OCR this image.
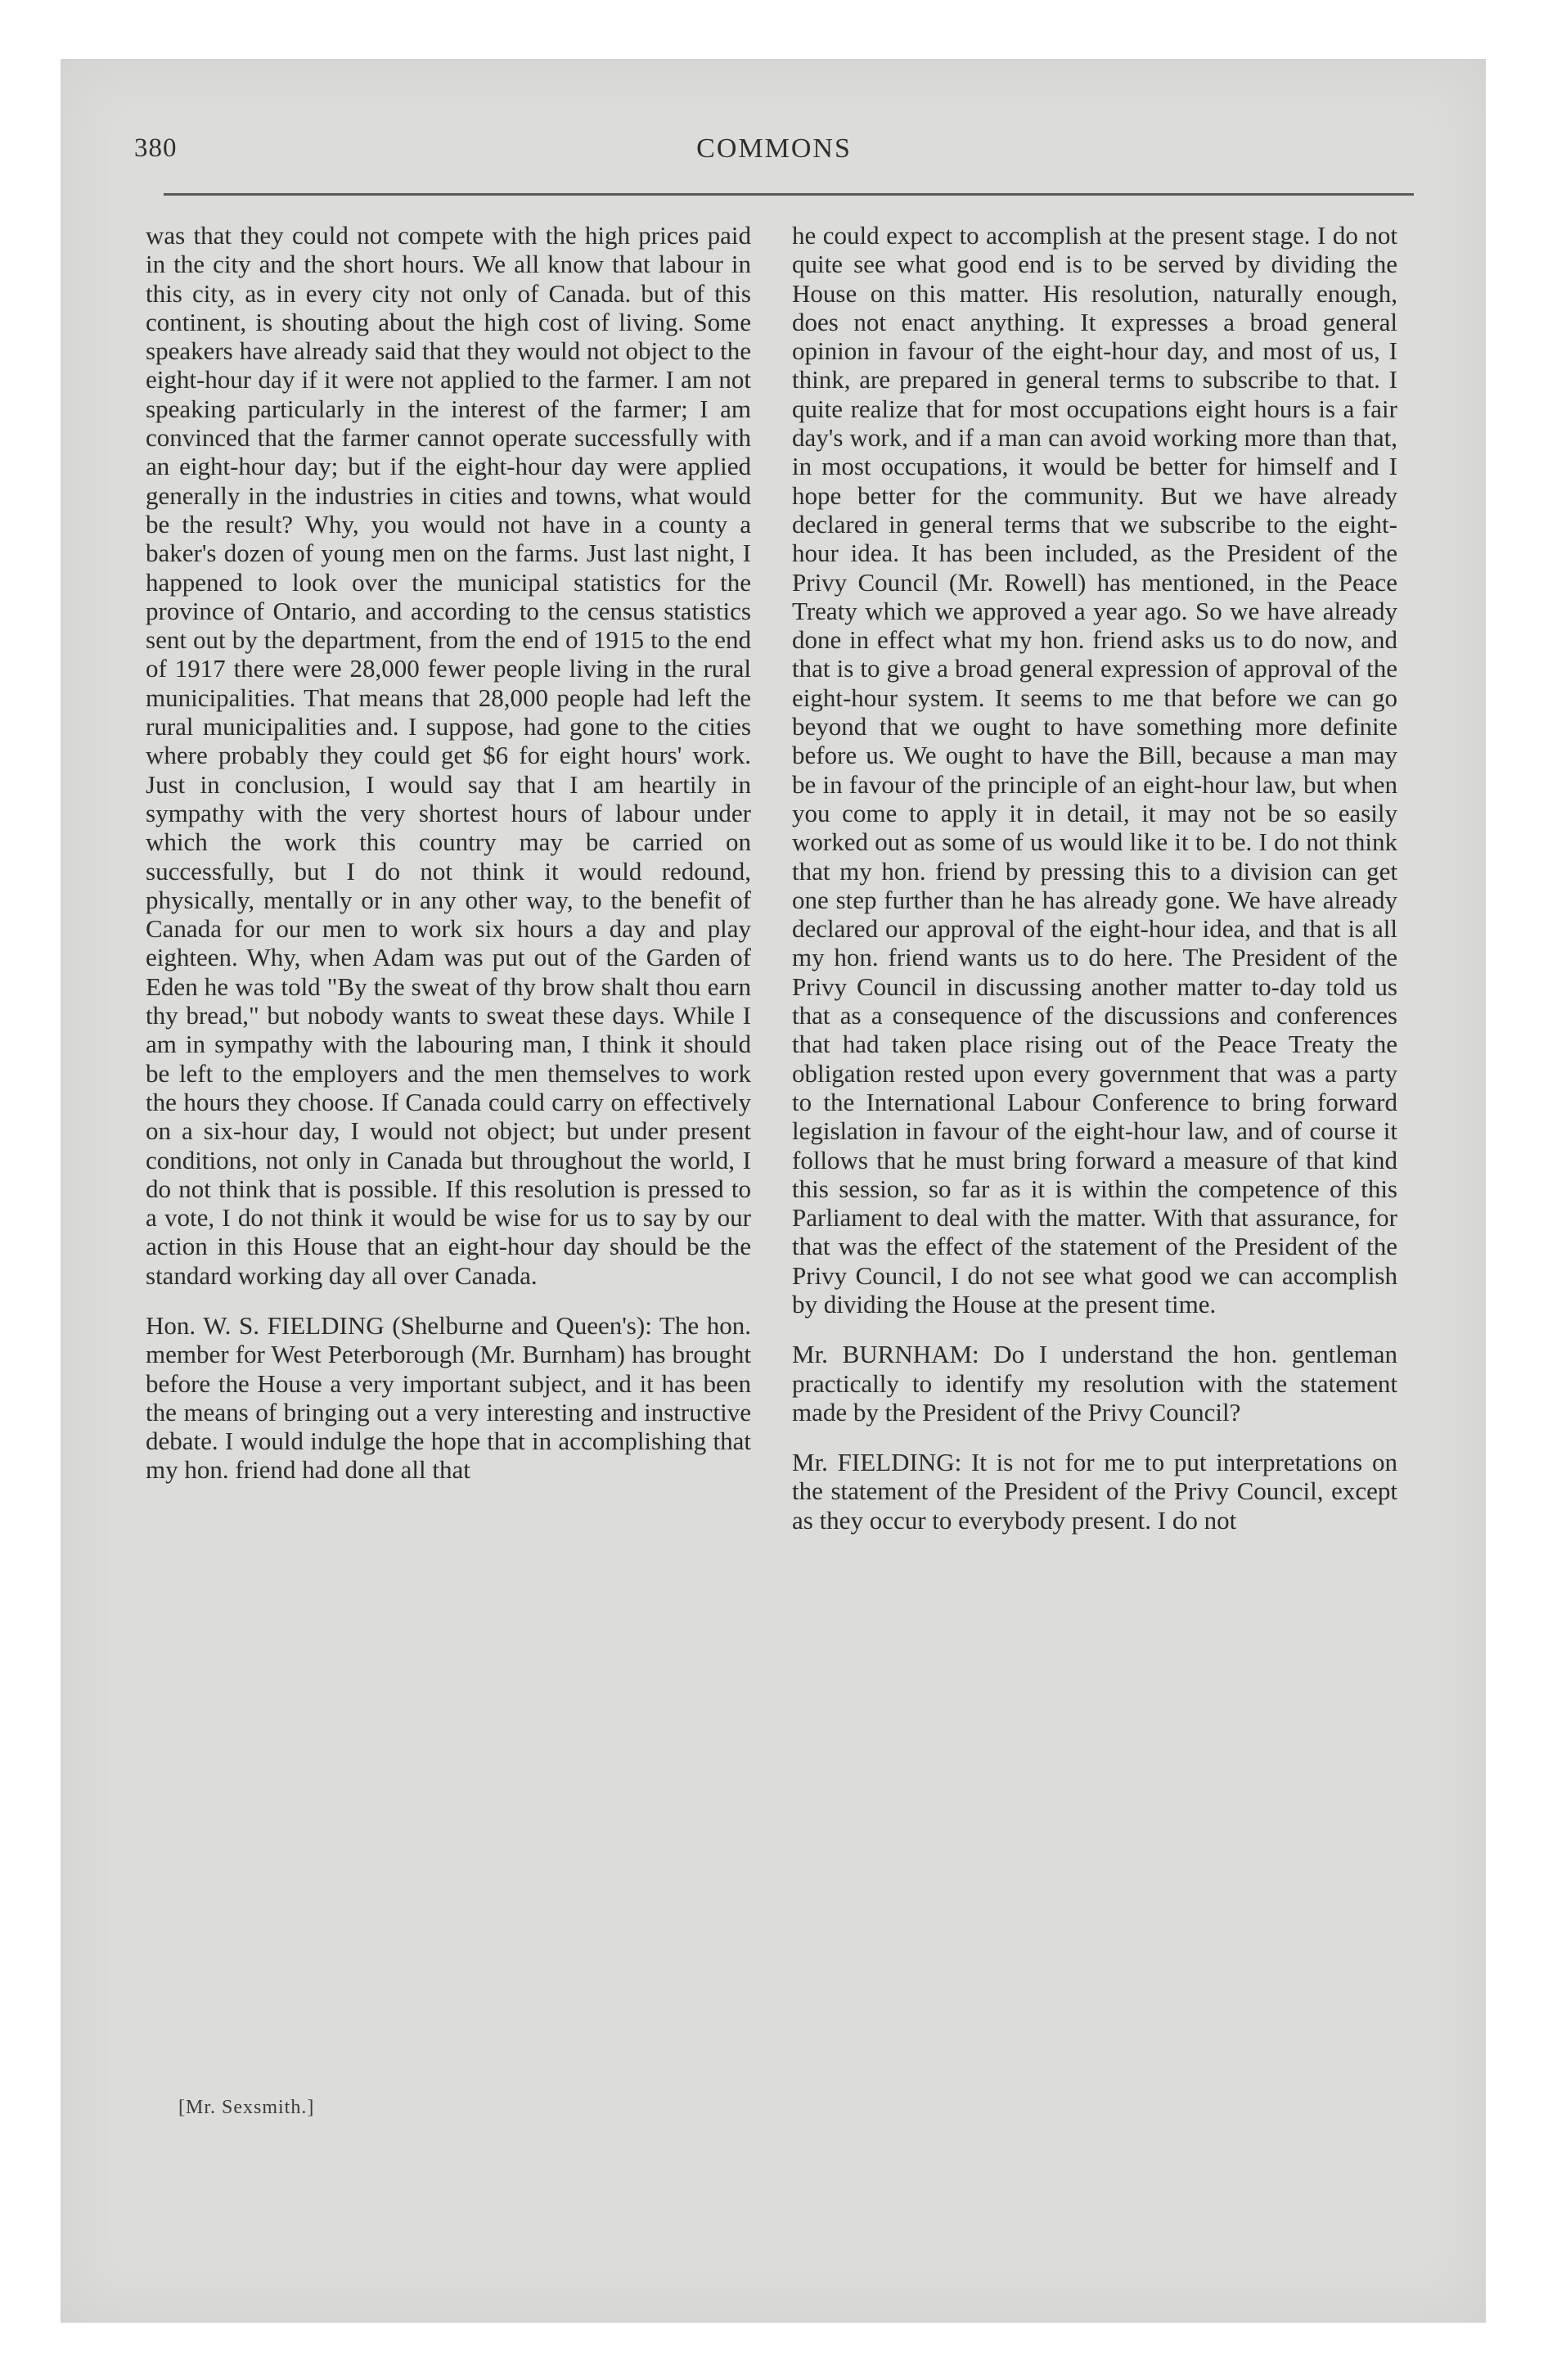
380	COMMONS

was that they could not compete with the high prices paid in the city and the short hours. We all know that labour in this city, as in every city not only of Canada. but of this continent, is shouting about the high cost of living. Some speakers have already said that they would not object to the eight-hour day if it were not applied to the farmer. I am not speaking particularly in the interest of the farmer; I am convinced that the farmer cannot operate successfully with an eight-hour day; but if the eight-hour day were applied generally in the industries in cities and towns, what would be the result? Why, you would not have in a county a baker's dozen of young men on the farms. Just last night, I happened to look over the municipal statistics for the province of Ontario, and according to the census statistics sent out by the department, from the end of 1915 to the end of 1917 there were 28,000 fewer people living in the rural municipalities. That means that 28,000 people had left the rural municipalities and. I suppose, had gone to the cities where probably they could get $6 for eight hours' work. Just in conclusion, I would say that I am heartily in sympathy with the very shortest hours of labour under which the work this country may be carried on successfully, but I do not think it would redound, physically, mentally or in any other way, to the benefit of Canada for our men to work six hours a day and play eighteen. Why, when Adam was put out of the Garden of Eden he was told "By the sweat of thy brow shalt thou earn thy bread," but nobody wants to sweat these days. While I am in sympathy with the labouring man, I think it should be left to the employers and the men themselves to work the hours they choose. If Canada could carry on effectively on a six-hour day, I would not object; but under present conditions, not only in Canada but throughout the world, I do not think that is possible. If this resolution is pressed to a vote, I do not think it would be wise for us to say by our action in this House that an eight-hour day should be the standard working day all over Canada.

Hon. W. S. FIELDING (Shelburne and Queen's): The hon. member for West Peterborough (Mr. Burnham) has brought before the House a very important subject, and it has been the means of bringing out a very interesting and instructive debate. I would indulge the hope that in accomplishing that my hon. friend had done all that

he could expect to accomplish at the present stage. I do not quite see what good end is to be served by dividing the House on this matter. His resolution, naturally enough, does not enact anything. It expresses a broad general opinion in favour of the eight-hour day, and most of us, I think, are prepared in general terms to subscribe to that. I quite realize that for most occupations eight hours is a fair day's work, and if a man can avoid working more than that, in most occupations, it would be better for himself and I hope better for the community. But we have already declared in general terms that we subscribe to the eight-hour idea. It has been included, as the President of the Privy Council (Mr. Rowell) has mentioned, in the Peace Treaty which we approved a year ago. So we have already done in effect what my hon. friend asks us to do now, and that is to give a broad general expression of approval of the eight-hour system. It seems to me that before we can go beyond that we ought to have something more definite before us. We ought to have the Bill, because a man may be in favour of the principle of an eight-hour law, but when you come to apply it in detail, it may not be so easily worked out as some of us would like it to be. I do not think that my hon. friend by pressing this to a division can get one step further than he has already gone. We have already declared our approval of the eight-hour idea, and that is all my hon. friend wants us to do here. The President of the Privy Council in discussing another matter to-day told us that as a consequence of the discussions and conferences that had taken place rising out of the Peace Treaty the obligation rested upon every government that was a party to the International Labour Conference to bring forward legislation in favour of the eight-hour law, and of course it follows that he must bring forward a measure of that kind this session, so far as it is within the competence of this Parliament to deal with the matter. With that assurance, for that was the effect of the statement of the President of the Privy Council, I do not see what good we can accomplish by dividing the House at the present time.

Mr. BURNHAM: Do I understand the hon. gentleman practically to identify my resolution with the statement made by the President of the Privy Council?

Mr. FIELDING: It is not for me to put interpretations on the statement of the President of the Privy Council, except as they occur to everybody present. I do not

[Mr. Sexsmith.]
